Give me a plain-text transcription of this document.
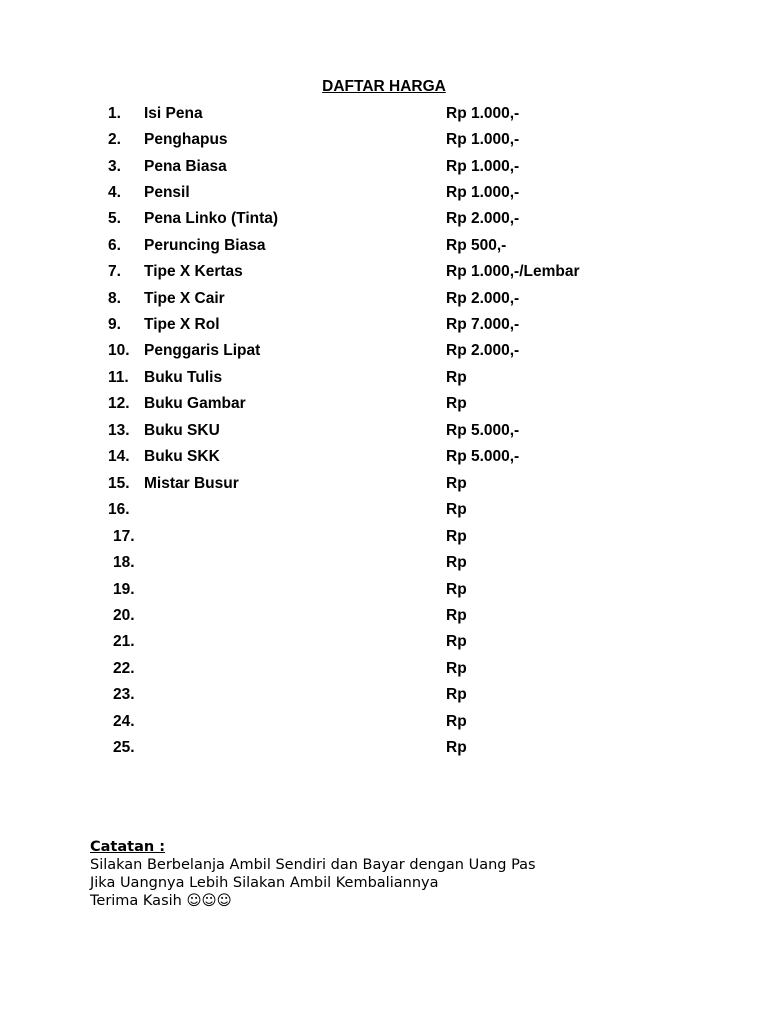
DAFTAR HARGA
1. Isi Pena	Rp 1.000,-
2. Penghapus	Rp 1.000,-
3. Pena Biasa	Rp 1.000,-
4. Pensil	Rp 1.000,-
5. Pena Linko (Tinta)	Rp 2.000,-
6. Peruncing Biasa	Rp 500,-
7. Tipe X Kertas	Rp 1.000,-/Lembar
8. Tipe X Cair	Rp 2.000,-
9. Tipe X Rol	Rp 7.000,-
10. Penggaris Lipat	Rp 2.000,-
11. Buku Tulis	Rp
12. Buku Gambar	Rp
13. Buku SKU	Rp 5.000,-
14. Buku SKK	Rp 5.000,-
15. Mistar Busur	Rp
16.	Rp
17.	Rp
18.	Rp
19.	Rp
20.	Rp
21.	Rp
22.	Rp
23.	Rp
24.	Rp
25.	Rp
Catatan :
Silakan Berbelanja Ambil Sendiri dan Bayar dengan Uang Pas
Jika Uangnya Lebih Silakan Ambil Kembaliannya
Terima Kasih ☺☺☺
